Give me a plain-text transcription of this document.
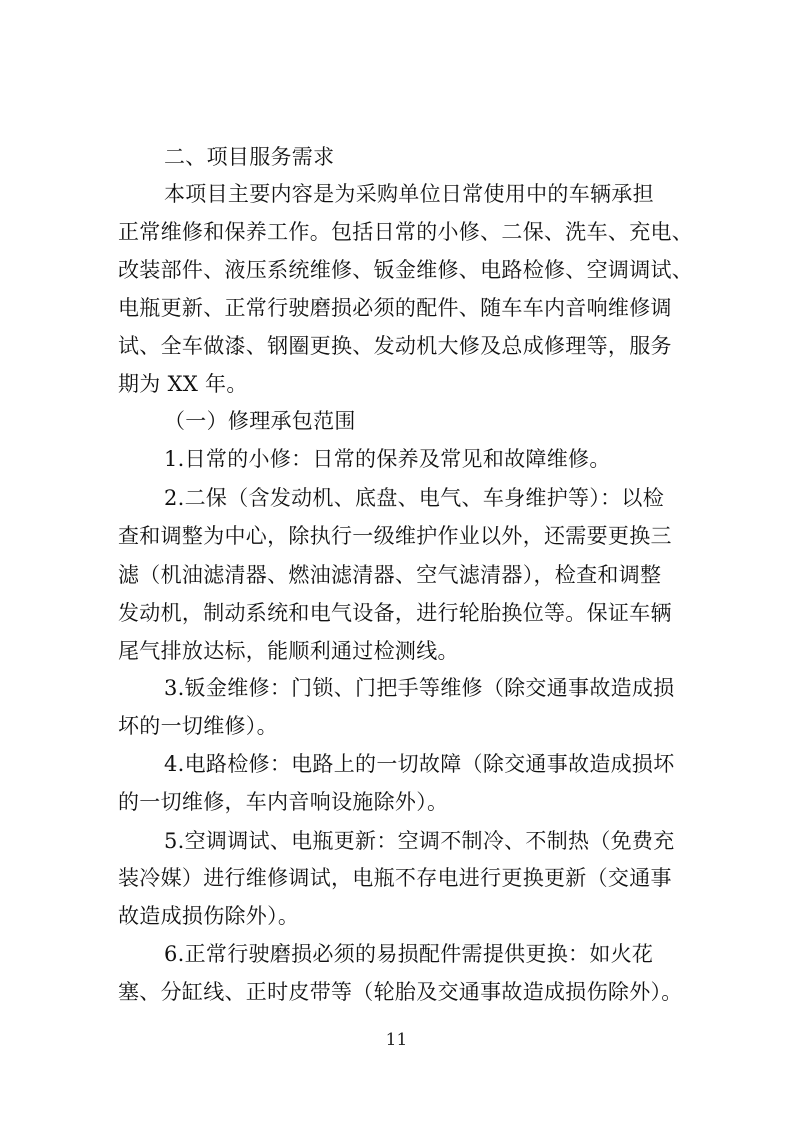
二、项目服务需求
本项目主要内容是为采购单位日常使用中的车辆承担
正常维修和保养工作。包括日常的小修、二保、洗车、充电、
改装部件、液压系统维修、钣金维修、电路检修、空调调试、
电瓶更新、正常行驶磨损必须的配件、随车车内音响维修调
试、全车做漆、钢圈更换、发动机大修及总成修理等，服务
期为 XX 年。
（一）修理承包范围
1.日常的小修：日常的保养及常见和故障维修。
2.二保（含发动机、底盘、电气、车身维护等）：以检
查和调整为中心，除执行一级维护作业以外，还需要更换三
滤（机油滤清器、燃油滤清器、空气滤清器），检查和调整
发动机，制动系统和电气设备，进行轮胎换位等。保证车辆
尾气排放达标，能顺利通过检测线。
3.钣金维修：门锁、门把手等维修（除交通事故造成损
坏的一切维修）。
4.电路检修：电路上的一切故障（除交通事故造成损坏
的一切维修，车内音响设施除外）。
5.空调调试、电瓶更新：空调不制冷、不制热（免费充
装冷媒）进行维修调试，电瓶不存电进行更换更新（交通事
故造成损伤除外）。
6.正常行驶磨损必须的易损配件需提供更换：如火花
塞、分缸线、正时皮带等（轮胎及交通事故造成损伤除外）。
11
